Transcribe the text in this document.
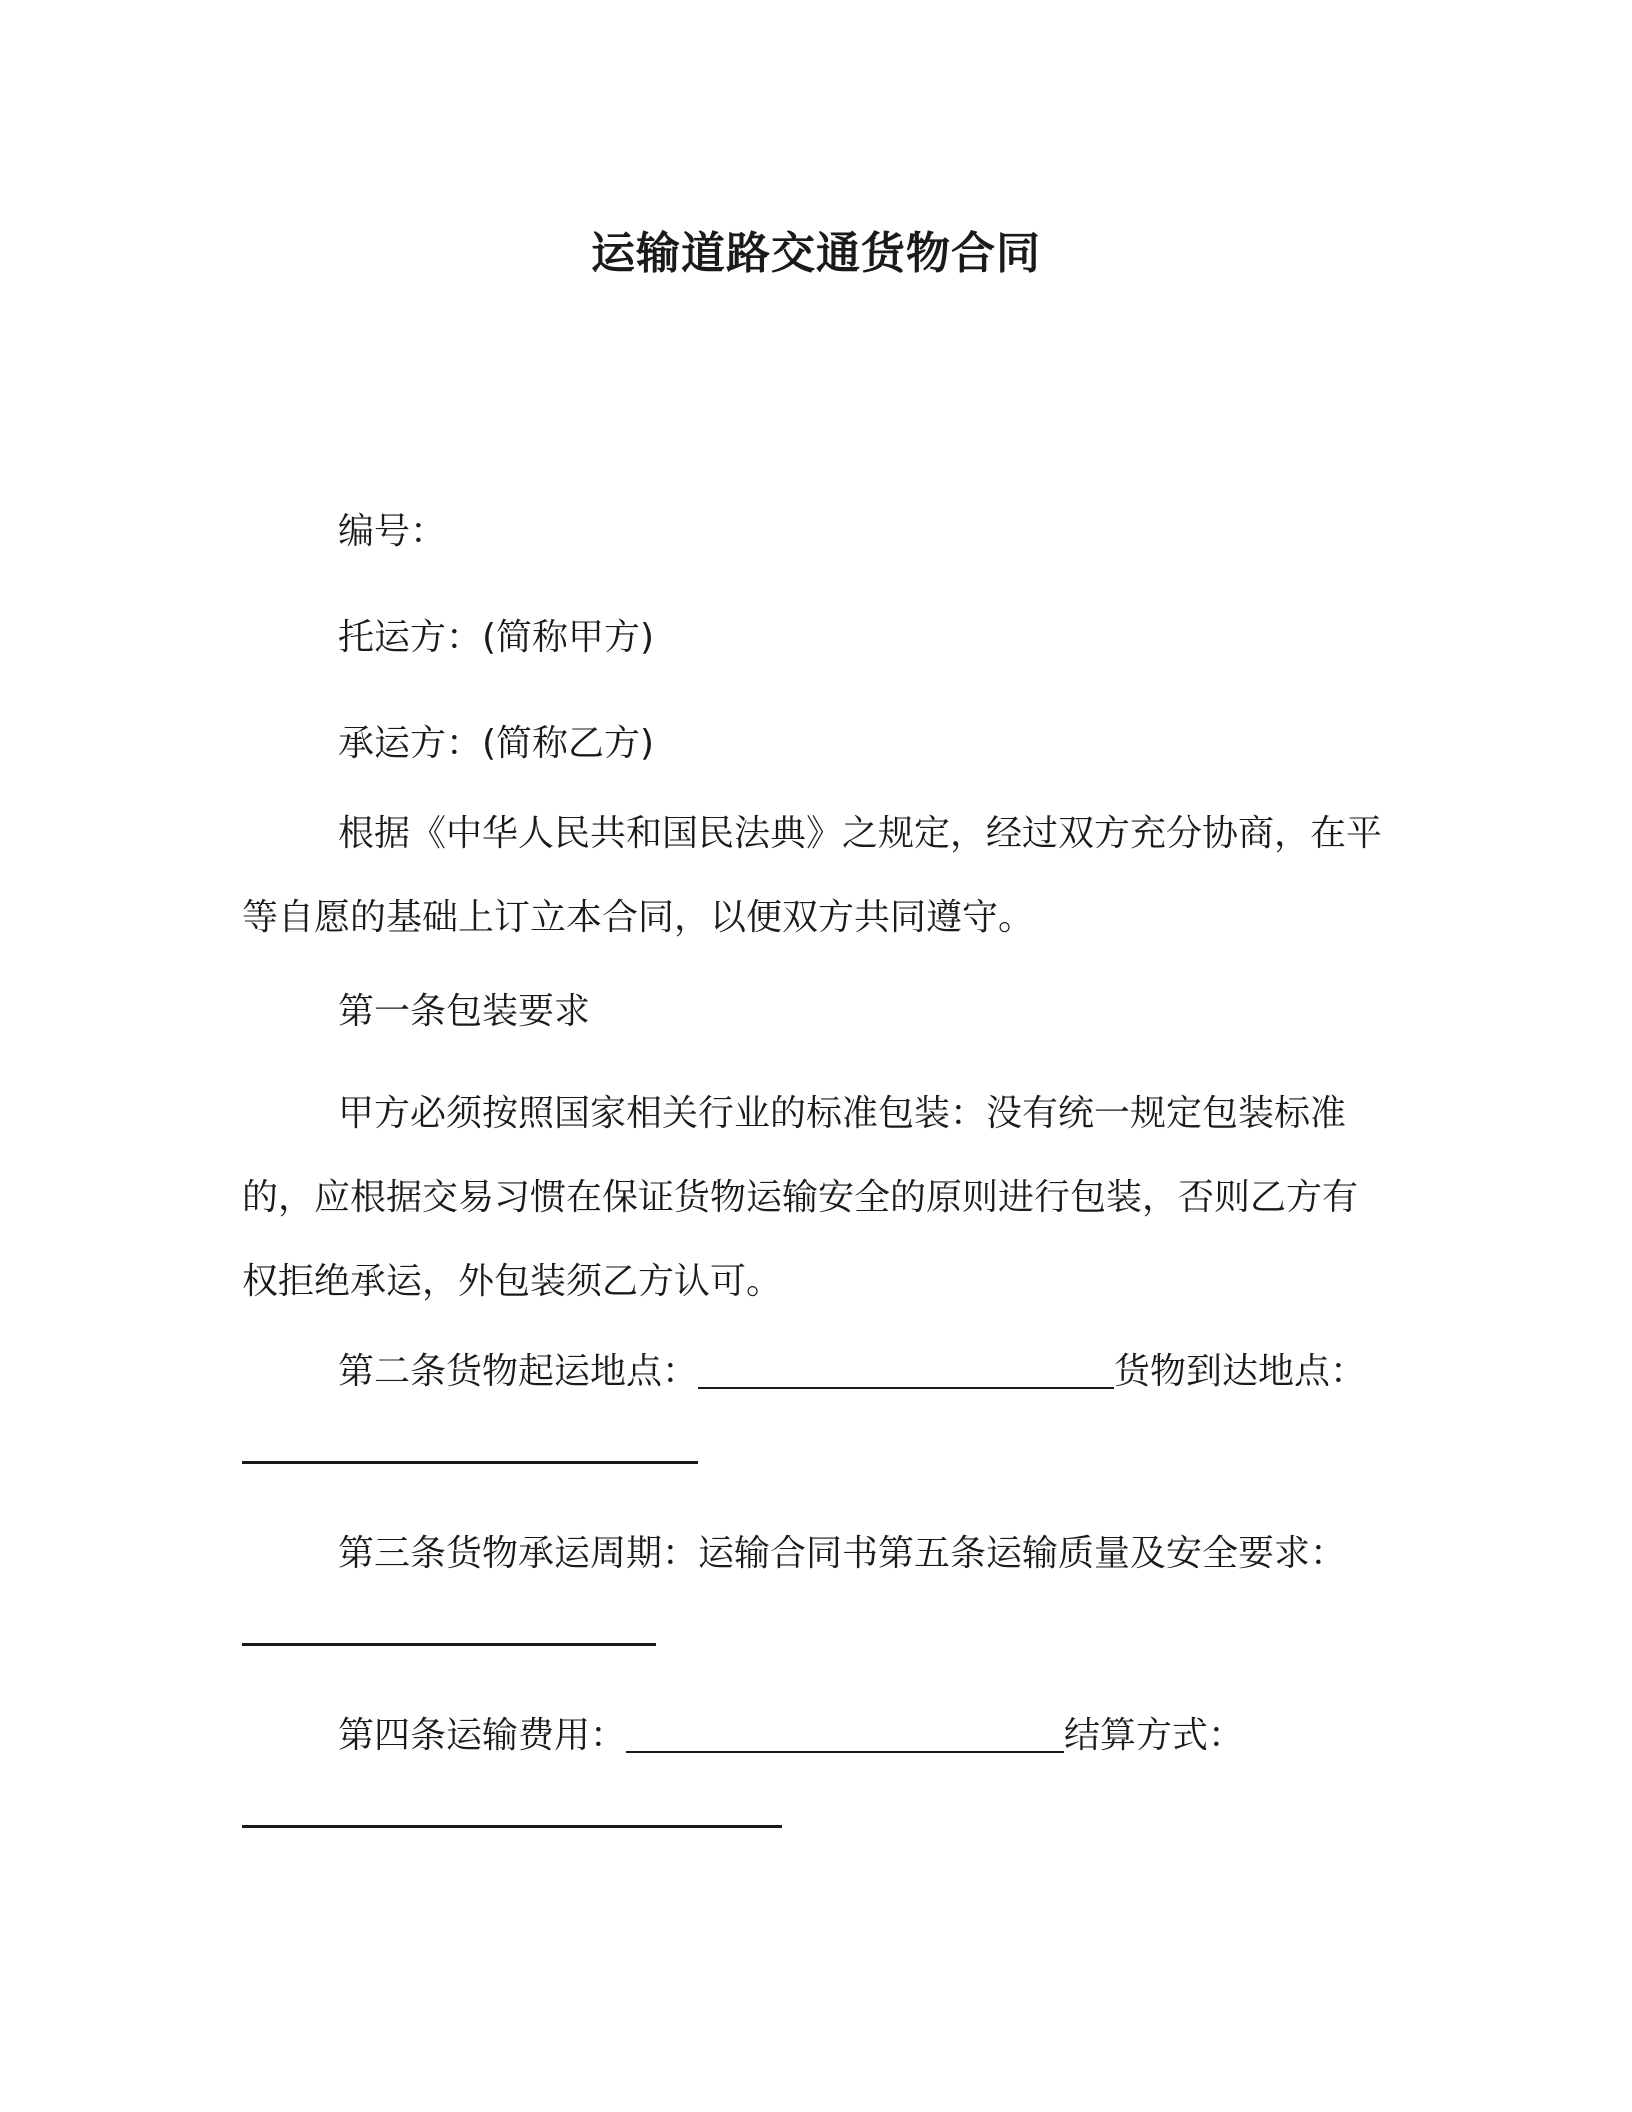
运输道路交通货物合同

编号：

托运方：(简称甲方)

承运方：(简称乙方)

根据《中华人民共和国民法典》之规定，经过双方充分协商，在平等自愿的基础上订立本合同，以便双方共同遵守。

第一条包装要求

甲方必须按照国家相关行业的标准包装：没有统一规定包装标准的，应根据交易习惯在保证货物运输安全的原则进行包装，否则乙方有权拒绝承运，外包装须乙方认可。

第二条货物起运地点：	货物到达地点：

第三条货物承运周期：运输合同书第五条运输质量及安全要求：

第四条运输费用：	结算方式：
